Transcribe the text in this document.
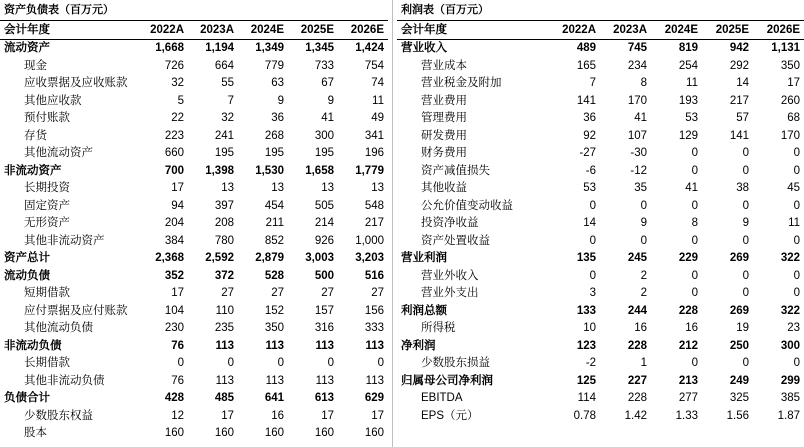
资产负债表（百万元）					
会计年度	2022A	2023A	2024E	2025E	2026E
流动资产	1,668	1,194	1,349	1,345	1,424
现金	726	664	779	733	754
应收票据及应收账款	32	55	63	67	74
其他应收款	5	7	9	9	11
预付账款	22	32	36	41	49
存货	223	241	268	300	341
其他流动资产	660	195	195	195	196
非流动资产	700	1,398	1,530	1,658	1,779
长期投资	17	13	13	13	13
固定资产	94	397	454	505	548
无形资产	204	208	211	214	217
其他非流动资产	384	780	852	926	1,000
资产总计	2,368	2,592	2,879	3,003	3,203
流动负债	352	372	528	500	516
短期借款	17	27	27	27	27
应付票据及应付账款	104	110	152	157	156
其他流动负债	230	235	350	316	333
非流动负债	76	113	113	113	113
长期借款	0	0	0	0	0
其他非流动负债	76	113	113	113	113
负债合计	428	485	641	613	629
少数股东权益	12	17	16	17	17
股本	160	160	160	160	160
利润表（百万元）					
会计年度	2022A	2023A	2024E	2025E	2026E
营业收入	489	745	819	942	1,131
营业成本	165	234	254	292	350
营业税金及附加	7	8	11	14	17
营业费用	141	170	193	217	260
管理费用	36	41	53	57	68
研发费用	92	107	129	141	170
财务费用	-27	-30	0	0	0
资产减值损失	-6	-12	0	0	0
其他收益	53	35	41	38	45
公允价值变动收益	0	0	0	0	0
投资净收益	14	9	8	9	11
资产处置收益	0	0	0	0	0
营业利润	135	245	229	269	322
营业外收入	0	2	0	0	0
营业外支出	3	2	0	0	0
利润总额	133	244	228	269	322
所得税	10	16	16	19	23
净利润	123	228	212	250	300
少数股东损益	-2	1	0	0	0
归属母公司净利润	125	227	213	249	299
EBITDA	114	228	277	325	385
EPS（元）	0.78	1.42	1.33	1.56	1.87
